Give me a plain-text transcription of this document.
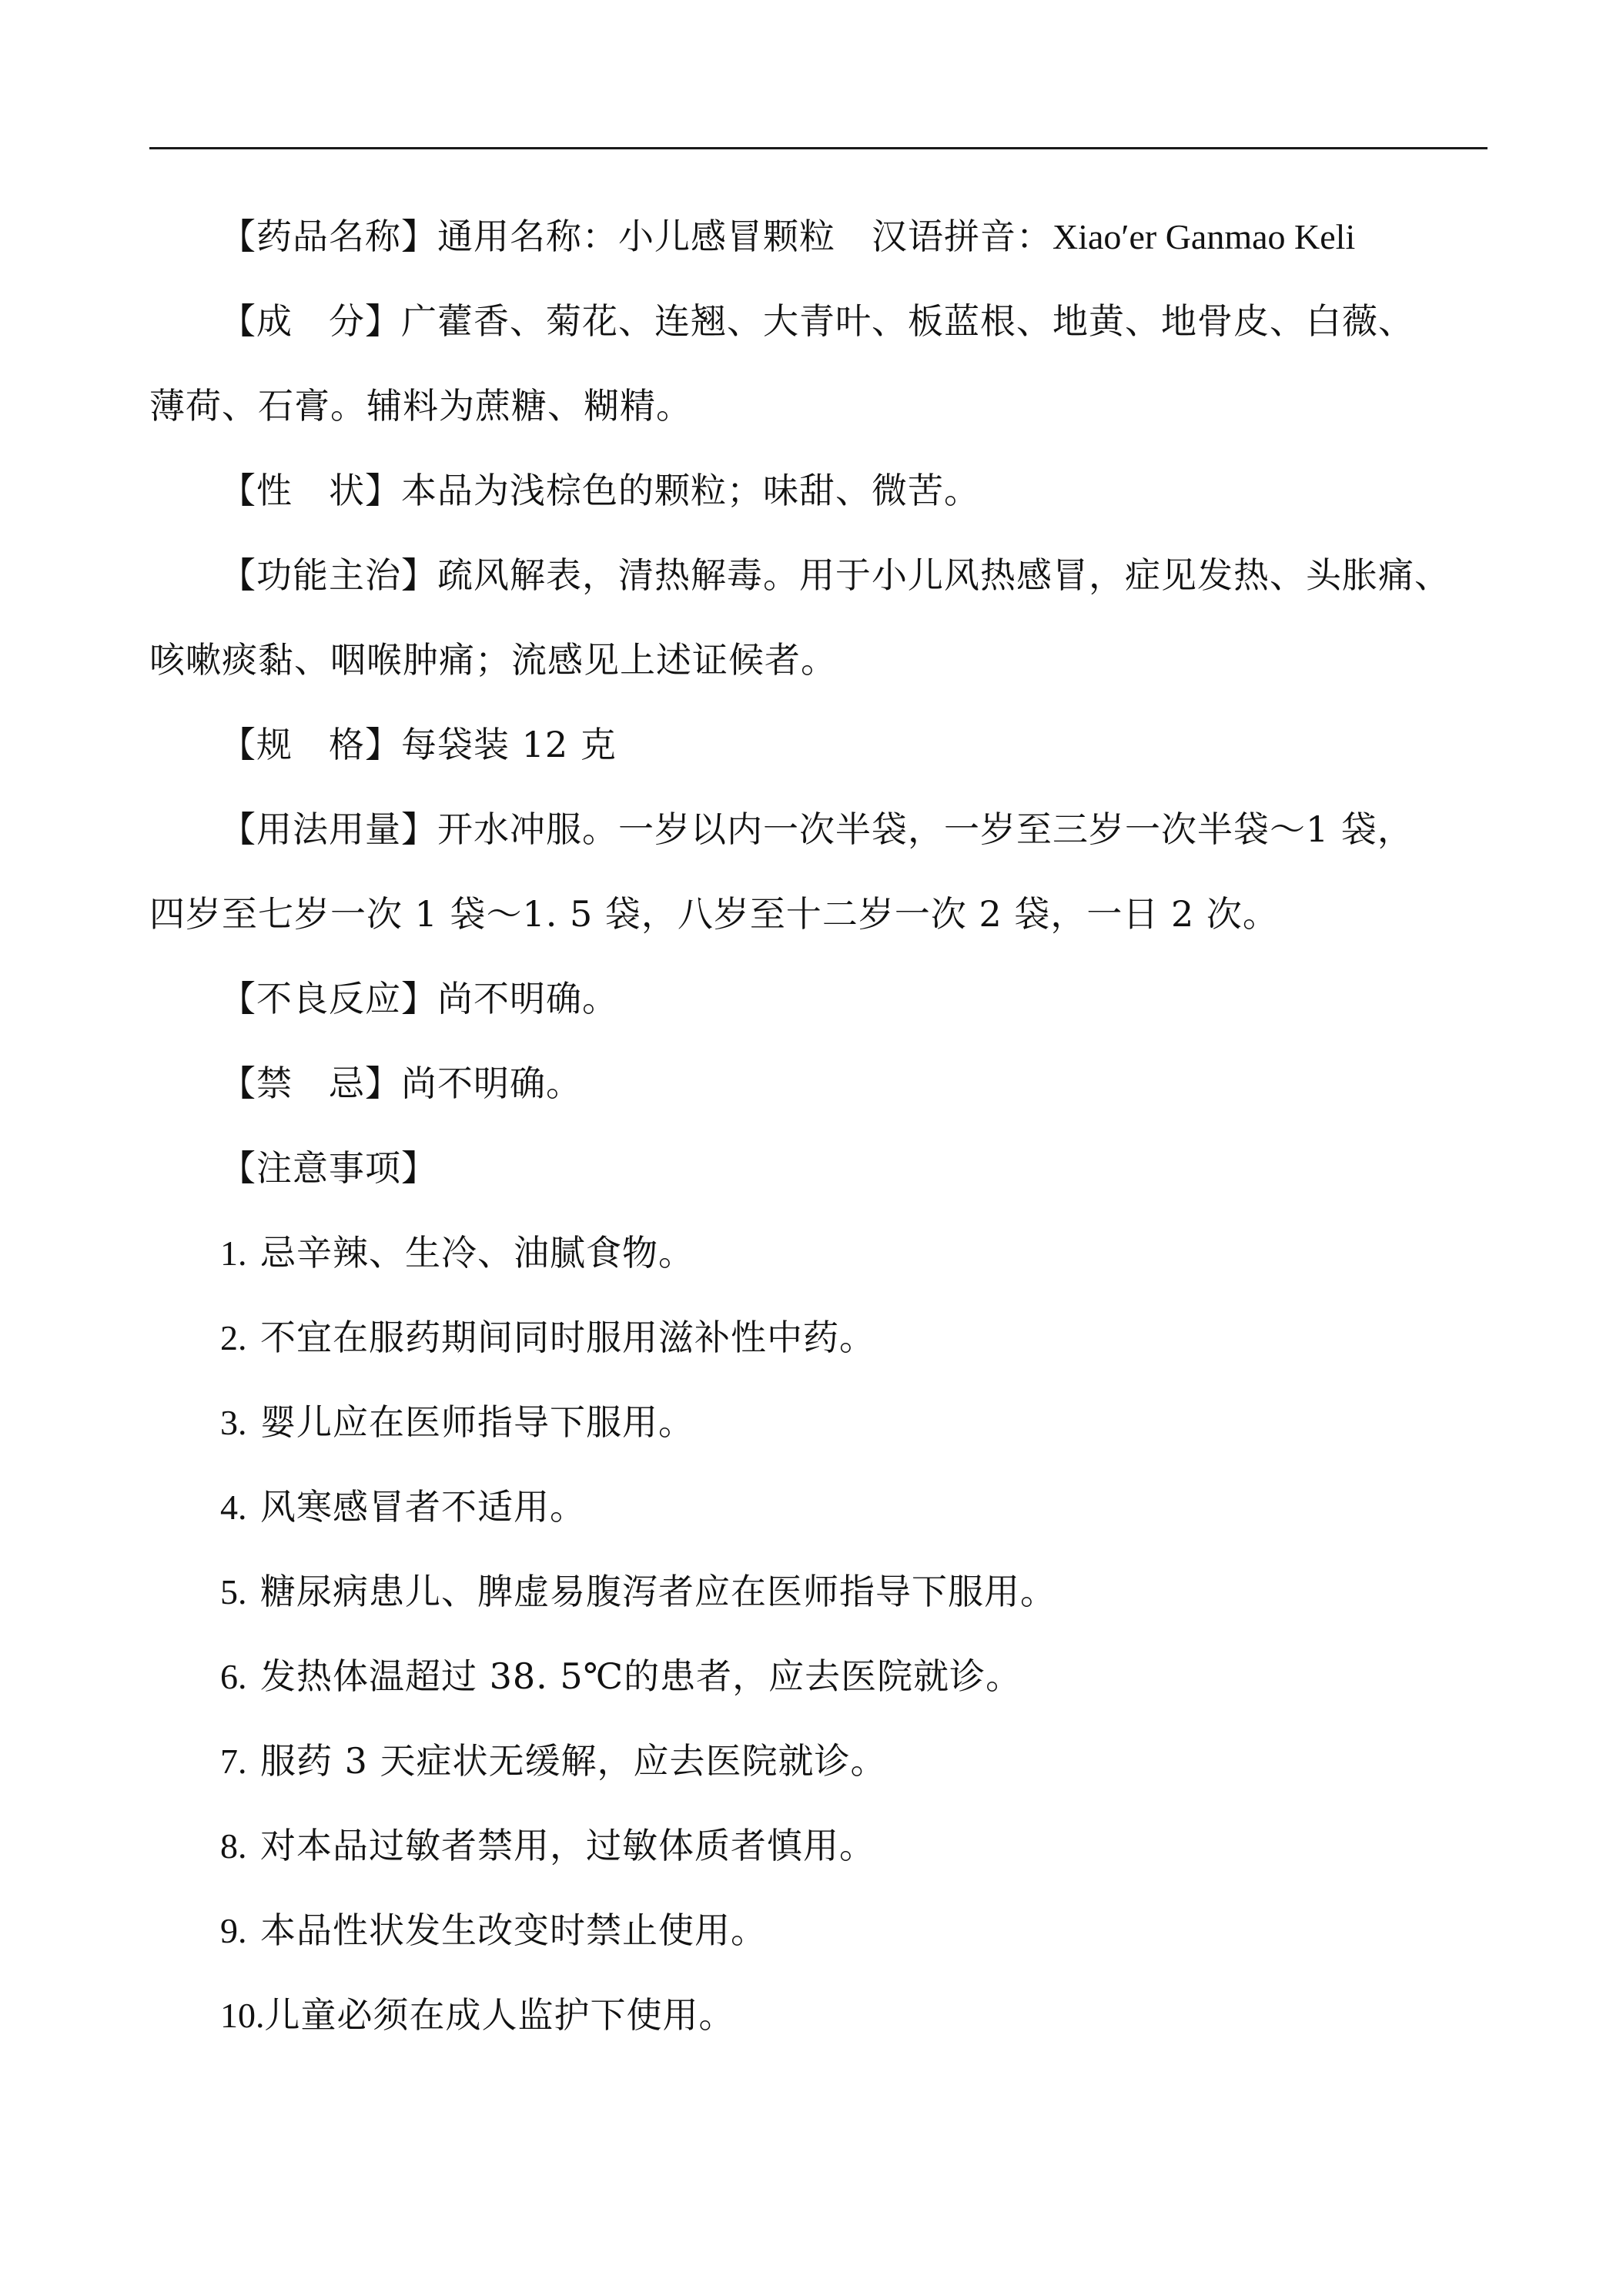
【药品名称】通用名称：小儿感冒颗粒　汉语拼音：Xiao′er Ganmao Keli
【成　分】广藿香、菊花、连翘、大青叶、板蓝根、地黄、地骨皮、白薇、
薄荷、石膏。辅料为蔗糖、糊精。
【性　状】本品为浅棕色的颗粒；味甜、微苦。
【功能主治】疏风解表，清热解毒。用于小儿风热感冒，症见发热、头胀痛、
咳嗽痰黏、咽喉肿痛；流感见上述证候者。
【规　格】每袋装 12 克
【用法用量】开水冲服。一岁以内一次半袋，一岁至三岁一次半袋～1 袋，
四岁至七岁一次 1 袋～1. 5 袋，八岁至十二岁一次 2 袋，一日 2 次。
【不良反应】尚不明确。
【禁　忌】尚不明确。
【注意事项】
1. 忌辛辣、生冷、油腻食物。
2. 不宜在服药期间同时服用滋补性中药。
3. 婴儿应在医师指导下服用。
4. 风寒感冒者不适用。
5. 糖尿病患儿、脾虚易腹泻者应在医师指导下服用。
6. 发热体温超过 38. 5℃的患者，应去医院就诊。
7. 服药 3 天症状无缓解，应去医院就诊。
8. 对本品过敏者禁用，过敏体质者慎用。
9. 本品性状发生改变时禁止使用。
10.儿童必须在成人监护下使用。
